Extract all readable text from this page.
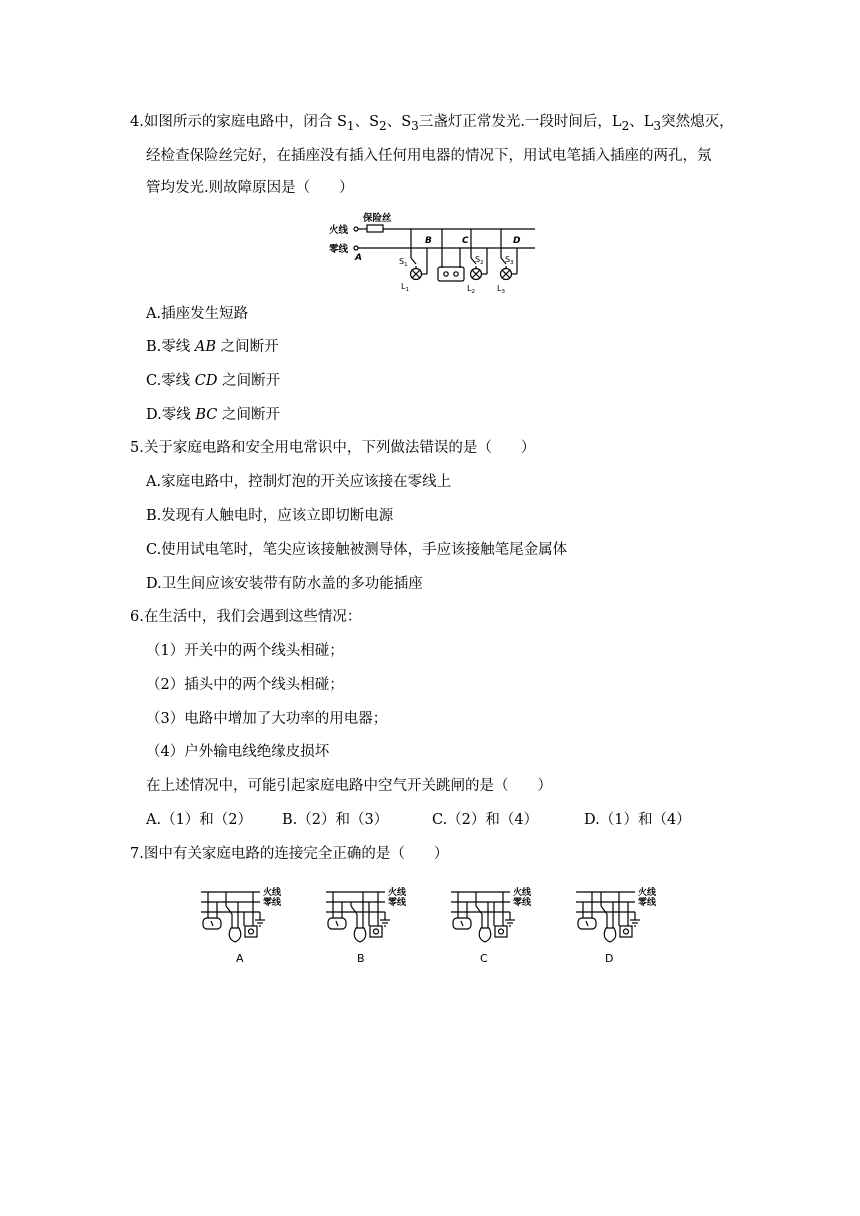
4.如图所示的家庭电路中，闭合 $S_1$、$S_2$、$S_3$三盏灯正常发光.一段时间后，$L_2$、$L_3$突然熄灭，
经检查保险丝完好，在插座没有插入任何用电器的情况下，用试电笔插入插座的两孔，氖
管均发光.则故障原因是（　　）
火线
零线
保险丝
A
B	C	D
$S_1$
$L_1$
$S_2$
$L_2$
$S_3$
$L_3$
A.插座发生短路
B.零线 AB 之间断开
C.零线 CD 之间断开
D.零线 BC 之间断开
5.关于家庭电路和安全用电常识中，下列做法错误的是（　　）
A.家庭电路中，控制灯泡的开关应该接在零线上
B.发现有人触电时，应该立即切断电源
C.使用试电笔时，笔尖应该接触被测导体，手应该接触笔尾金属体
D.卫生间应该安装带有防水盖的多功能插座
6.在生活中，我们会遇到这些情况：
（1）开关中的两个线头相碰；
（2）插头中的两个线头相碰；
（3）电路中增加了大功率的用电器；
（4）户外输电线绝缘皮损坏
在上述情况中，可能引起家庭电路中空气开关跳闸的是（　　）
A.（1）和（2） B.（2）和（3）	C.（2）和（4）	D.（1）和（4）
7.图中有关家庭电路的连接完全正确的是（　　）
火线
零线
A
火线
零线
B
火线
零线
C
火线
零线
D
